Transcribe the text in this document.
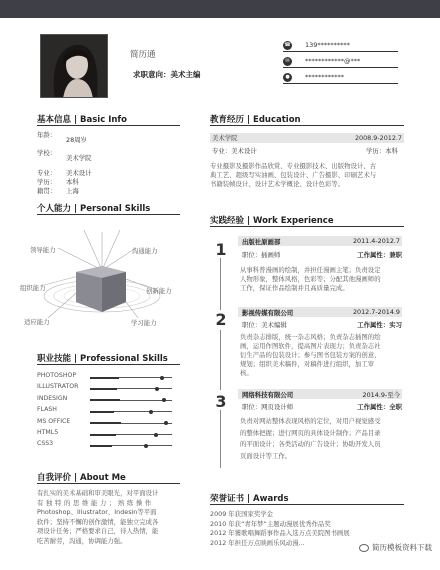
简历通
求职意向：美术主编
☎ 139**********
✉	************@***
●	************
基本信息 | Basic Info
年龄：
28周岁
学校：
美术学院
专业： 美术设计
学历： 本科
籍贯： 上海
个人能力 | Personal Skills
领导能力	沟通能力
组织能力	创新能力
适应能力	学习能力
职业技能 | Professional Skills
PHOTOSHOP
ILLUSTRATOR
INDESIGN
FLASH
MS OFFICE
HTML5
CSS3
自我评价 | About Me
有扎实的美术基础和审美眼光，对平面设计
有独特的思维能力；熟练操作
Photoshop、Illustrator、Indesin等平面
软件；坚持不懈的创作激情，能独立完成各
项设计任务；严格要求自己，待人热情，能
吃苦耐劳，沟通，协调能力强。
教育经历 | Education
美术学院	2008.9-2012.7
专业：美术设计	学历：本科
专业摄影及摄影作品欣赏、专业摄影技术、出版物设计、古
典工艺、超级写实油画、包装设计、广告摄影、印刷艺术与
书籍装帧设计、设计艺术学概论、设计色彩等。
实践经验 | Work Experience
1 出版社原画部	2011.4-2012.7
职位：插画师	工作属性：兼职
从事科普漫画的绘制，并担任漫画主笔；负责设定
人物形象，整体风格，色彩等；分配其他漫画师的
工作，保证作品绘制并且高质量完成。
2 影视传媒有限公司	2012.7-2014.9
职位：美术编辑	工作属性：实习
负责杂志排版，统一杂志风格；负责杂志插图的绘
画，运用作图软件，提高图片表现力；负责杂志社
衍生产品的包装设计；参与图书包装方案的创意、
规划；组织美术稿件，对稿件进行组织，加工审
核。
3 网络科技有限公司	2014.9-至今
职位：网页设计师	工作属性：全职
负责对网站整体表现风格的定位，对用户视觉感受
的整体把握；进行网页的具体设计制作；产品目录
的平面设计；各类活动的广告设计；协助开发人员
页面设计等工作。
荣誉证书 | Awards
2009 年获国家奖学金
2010 年获“青年梦”主题动漫展优秀作品奖
2012 年獲歌唱舞蹈事作品入选万点美院图书画展
2012 年担任万点映画乐风动漫...
简历模板资料下载
